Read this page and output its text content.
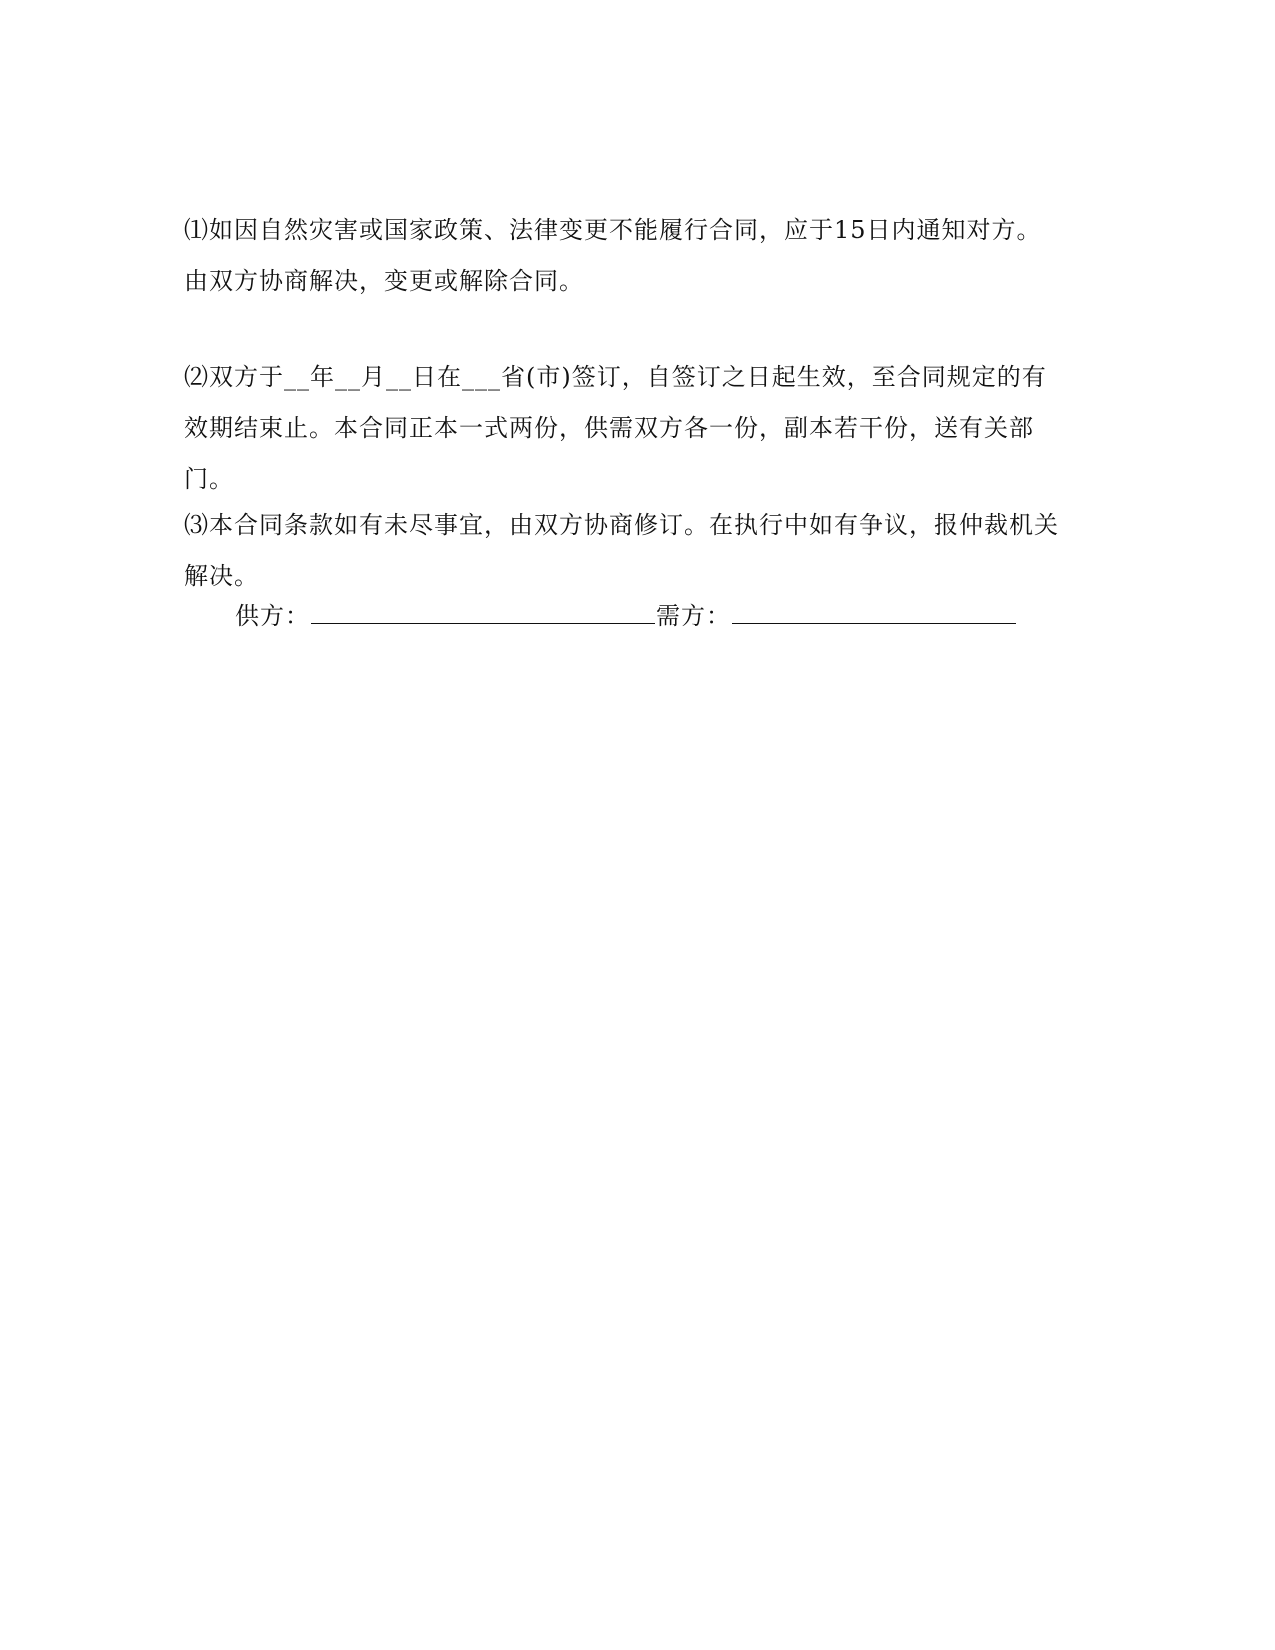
⑴如因自然灾害或国家政策、法律变更不能履行合同，应于15日内通知对方。由双方协商解决，变更或解除合同。

⑵双方于__年__月__日在___省(市)签订，自签订之日起生效，至合同规定的有效期结束止。本合同正本一式两份，供需双方各一份，副本若干份，送有关部门。

⑶本合同条款如有未尽事宜，由双方协商修订。在执行中如有争议，报仲裁机关解决。

供方：	需方：
